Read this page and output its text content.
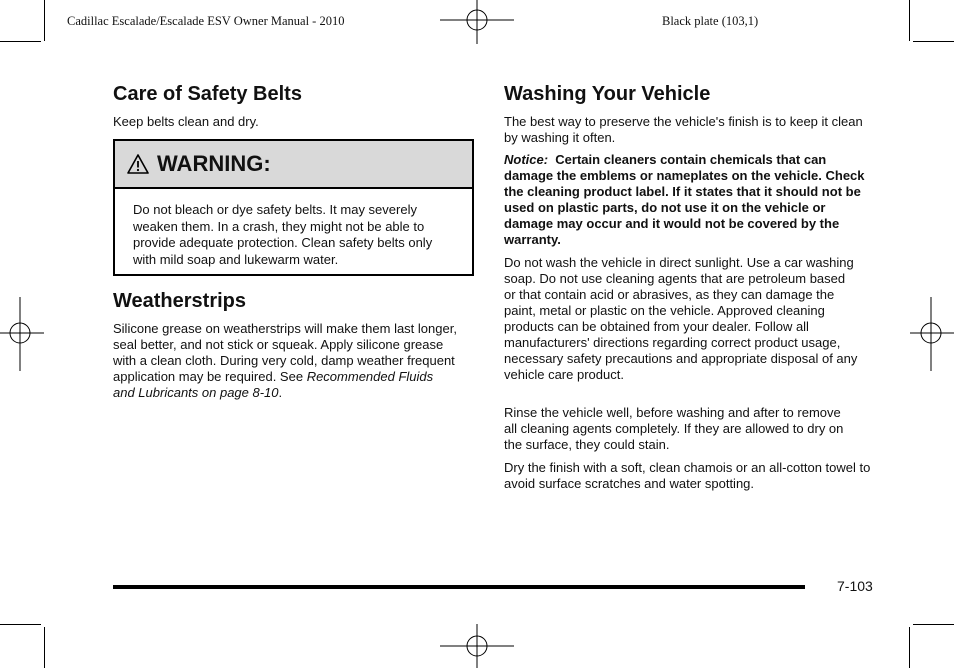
Cadillac Escalade/Escalade ESV Owner Manual - 2010	Black plate (103,1)
Care of Safety Belts

Keep belts clean and dry.

WARNING:
Do not bleach or dye safety belts. It may severely weaken them. In a crash, they might not be able to provide adequate protection. Clean safety belts only with mild soap and lukewarm water.
Weatherstrips

Silicone grease on weatherstrips will make them last longer, seal better, and not stick or squeak. Apply silicone grease with a clean cloth. During very cold, damp weather frequent application may be required. See Recommended Fluids and Lubricants on page 8-10.

Washing Your Vehicle

The best way to preserve the vehicle's finish is to keep it clean by washing it often.

Notice: Certain cleaners contain chemicals that can damage the emblems or nameplates on the vehicle. Check the cleaning product label. If it states that it should not be used on plastic parts, do not use it on the vehicle or damage may occur and it would not be covered by the warranty.

Do not wash the vehicle in direct sunlight. Use a car washing soap. Do not use cleaning agents that are petroleum based or that contain acid or abrasives, as they can damage the paint, metal or plastic on the vehicle. Approved cleaning products can be obtained from your dealer. Follow all manufacturers' directions regarding correct product usage, necessary safety precautions and appropriate disposal of any vehicle care product.

Rinse the vehicle well, before washing and after to remove all cleaning agents completely. If they are allowed to dry on the surface, they could stain.

Dry the finish with a soft, clean chamois or an all-cotton towel to avoid surface scratches and water spotting.

7-103
